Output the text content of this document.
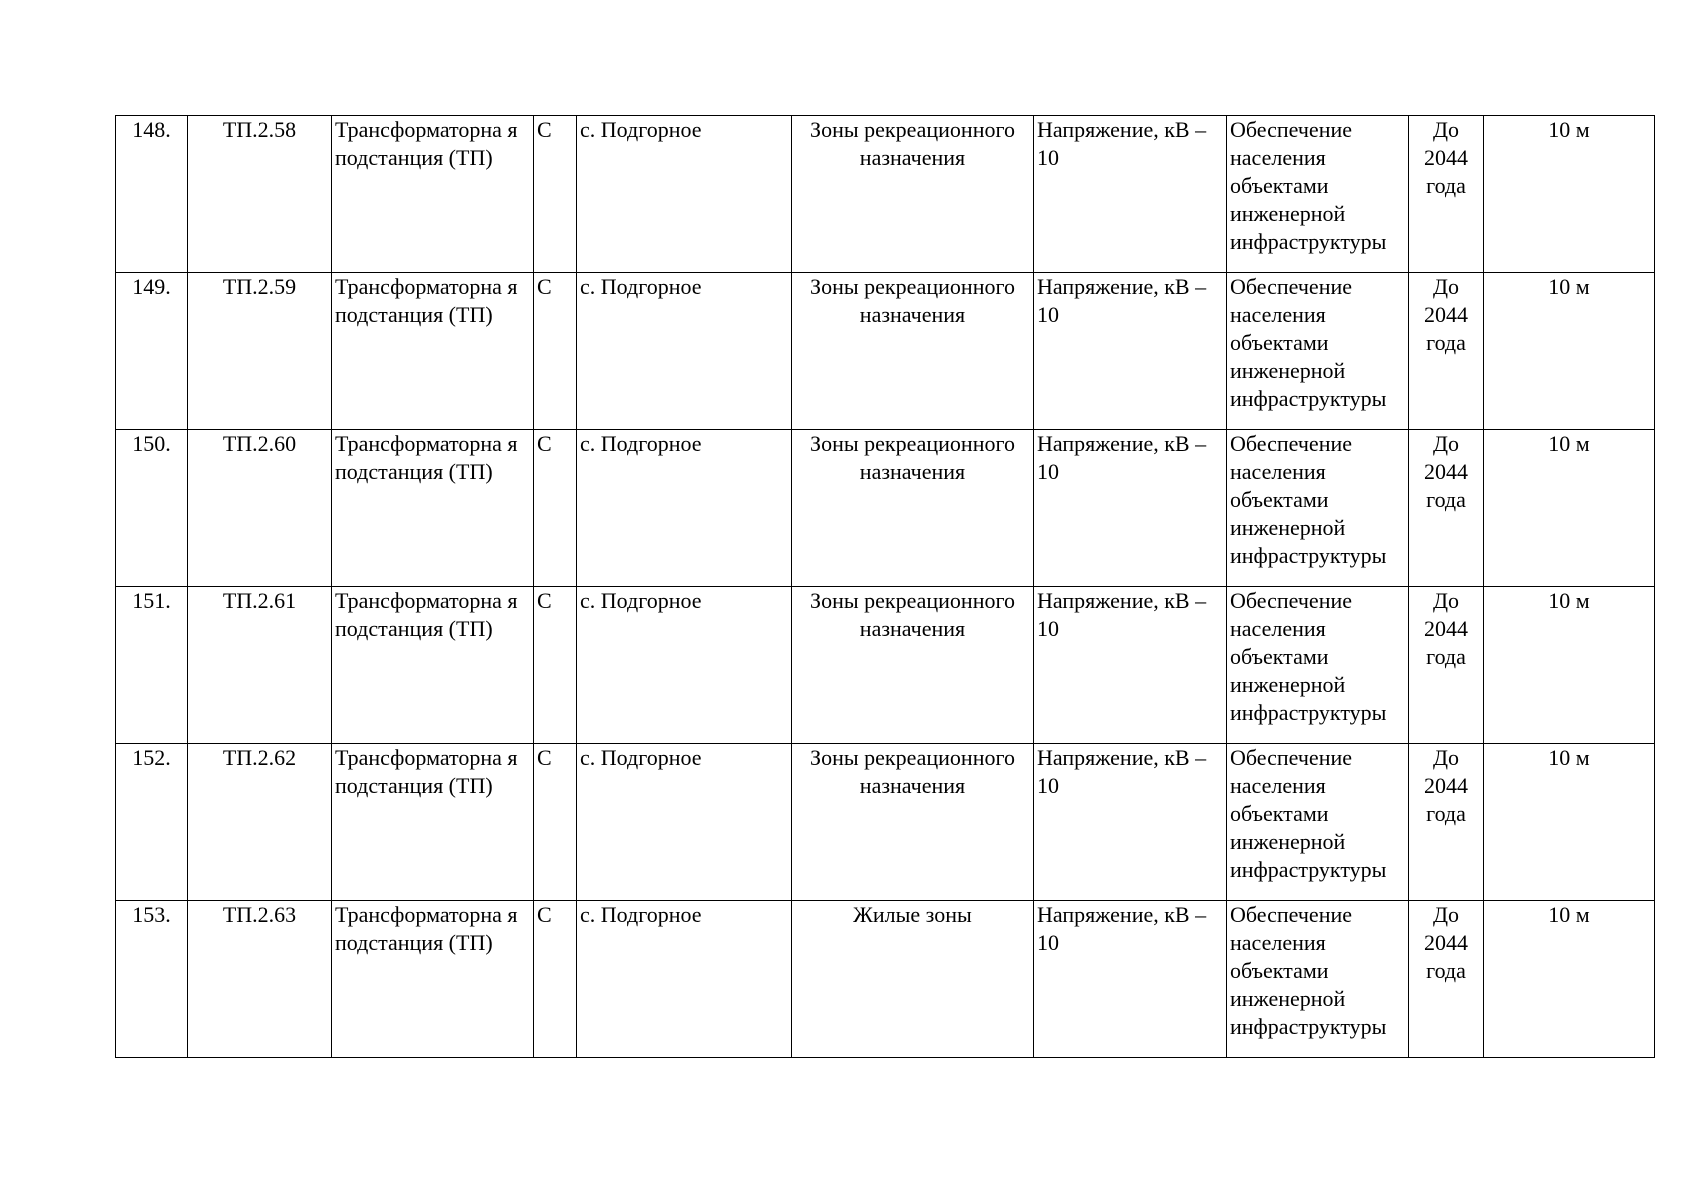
148.	ТП.2.58	Трансформаторна я подстанция (ТП)	С	с. Подгорное	Зоны рекреационного назначения	Напряжение, кВ – 10	Обеспечение населения объектами инженерной инфраструктуры	До 2044 года	10 м

149.	ТП.2.59	Трансформаторна я подстанция (ТП)	С	с. Подгорное	Зоны рекреационного назначения	Напряжение, кВ – 10	Обеспечение населения объектами инженерной инфраструктуры	До 2044 года	10 м

150.	ТП.2.60	Трансформаторна я подстанция (ТП)	С	с. Подгорное	Зоны рекреационного назначения	Напряжение, кВ – 10	Обеспечение населения объектами инженерной инфраструктуры	До 2044 года	10 м

151.	ТП.2.61	Трансформаторна я подстанция (ТП)	С	с. Подгорное	Зоны рекреационного назначения	Напряжение, кВ – 10	Обеспечение населения объектами инженерной инфраструктуры	До 2044 года	10 м

152.	ТП.2.62	Трансформаторна я подстанция (ТП)	С	с. Подгорное	Зоны рекреационного назначения	Напряжение, кВ – 10	Обеспечение населения объектами инженерной инфраструктуры	До 2044 года	10 м

153.	ТП.2.63	Трансформаторна я подстанция (ТП)	С	с. Подгорное	Жилые зоны	Напряжение, кВ – 10	Обеспечение населения объектами инженерной инфраструктуры	До 2044 года	10 м
